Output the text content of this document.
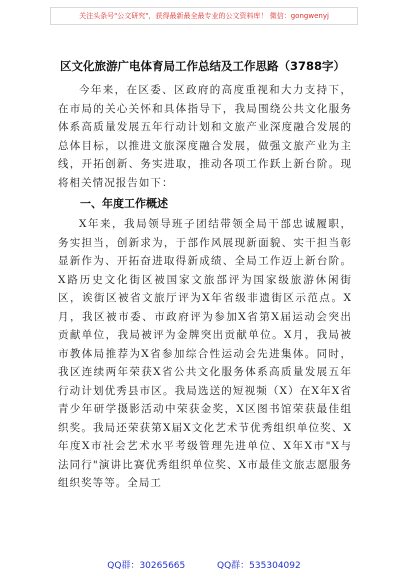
关注头条号"公文研究"，获得最新最全最专业的公文资料库！ 微信：gongwenyj
区文化旅游广电体育局工作总结及工作思路（3788字）

今年来，在区委、区政府的高度重视和大力支持下，在市局的关心关怀和具体指导下，我局围绕公共文化服务体系高质量发展五年行动计划和文旅产业深度融合发展的总体目标，以推进文旅深度融合发展，做强文旅产业为主线，开拓创新、务实进取，推动各项工作跃上新台阶。现将相关情况报告如下：

一、年度工作概述

X年来，我局领导班子团结带领全局干部忠诚履职，务实担当，创新求为，于部作风展现新面貌、实干担当彰显新作为、开拓奋进取得新成绩、全局工作迈上新台阶。X路历史文化街区被国家文旅部评为国家级旅游休闲街区，诶街区被省文旅厅评为X年省级非遗街区示范点。X月，我区被市委、市政府评为参加X省第X届运动会突出贡献单位，我局被评为金牌突出贡献单位。X月，我局被市教体局推荐为X省参加综合性运动会先进集体。同时，我区连续两年荣获X省公共文化服务体系高质量发展五年行动计划优秀县市区。我局选送的短视频（X）在X年X省青少年研学摄影活动中荣获金奖，X区图书馆荣获最佳组织奖。我局还荣获第X届X文化艺术节优秀组织单位奖、X年度X市社会艺术水平考级管理先进单位、X年X市"X与法同行"演讲比赛优秀组织单位奖、X市最佳文旅志愿服务组织奖等等。全局工

QQ群：30265665	QQ群：535304092
